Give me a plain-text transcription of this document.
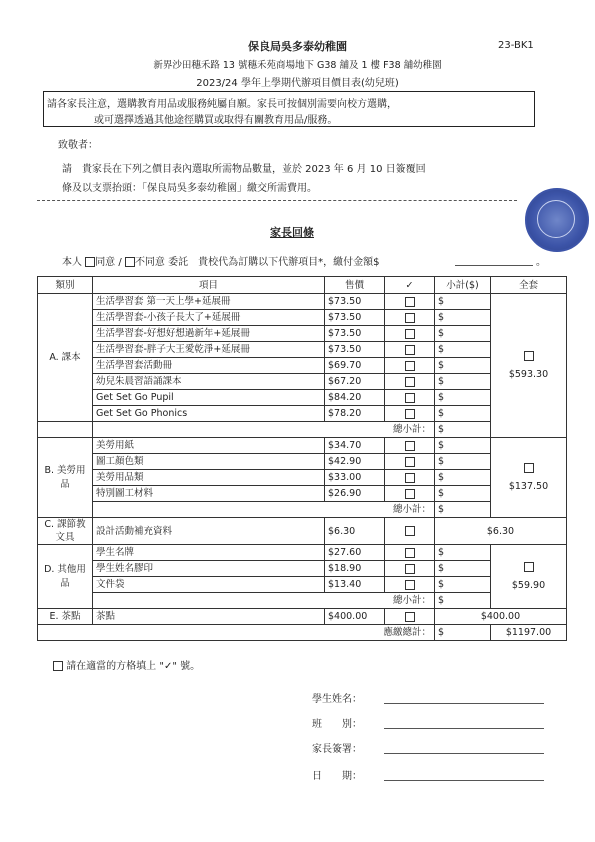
保良局吳多泰幼稚園	23-BK1
新界沙田穗禾路 13 號穗禾苑商場地下 G38 舖及 1 樓 F38 舖幼稚園
2023/24 學年上學期代辦項目價目表(幼兒班)
請各家長注意，選購教育用品或服務純屬自願。家長可按個別需要向校方選購，
或可選擇透過其他途徑購買或取得有關教育用品/服務。
致敬者：
請　貴家長在下列之價目表內選取所需物品數量，並於 2023 年 6 月 10 日簽覆回
條及以支票抬頭：「保良局吳多泰幼稚園」繳交所需費用。
家長回條
本人 同意 / 不同意 委託　貴校代為訂購以下代辦項目*，繳付金額$	。
類別	項目	售價	✓	小計($)	全套
A. 課本	生活學習套 第一天上學+延展冊	$73.50		$	$593.30
	生活學習套-小孩子長大了+延展冊	$73.50		$	
	生活學習套-好想好想過新年+延展冊	$73.50		$	
	生活學習套-胖子大王愛乾淨+延展冊	$73.50		$	
	生活學習套活動冊	$69.70		$	
	幼兒朱晨習語誦課本	$67.20		$	
	Get Set Go Pupil	$84.20		$	
	Get Set Go Phonics	$78.20		$	
	總小計：			$	
B. 美勞用品	美勞用紙	$34.70		$	$137.50
	圖工顏色類	$42.90		$	
	美勞用品類	$33.00		$	
	特別圖工材料	$26.90		$	
	總小計：			$	
C. 課節教文具	設計活動補充資料	$6.30		$6.30	
D. 其他用品	學生名牌	$27.60		$	$59.90
	學生姓名膠印	$18.90		$	
	文件袋	$13.40		$	
	總小計：			$	
E. 茶點	茶點	$400.00		$400.00	
應繳總計：				$	$1197.00
請在適當的方格填上 "✓" 號。
學生姓名：
班　　別：
家長簽署：
日　　期：
